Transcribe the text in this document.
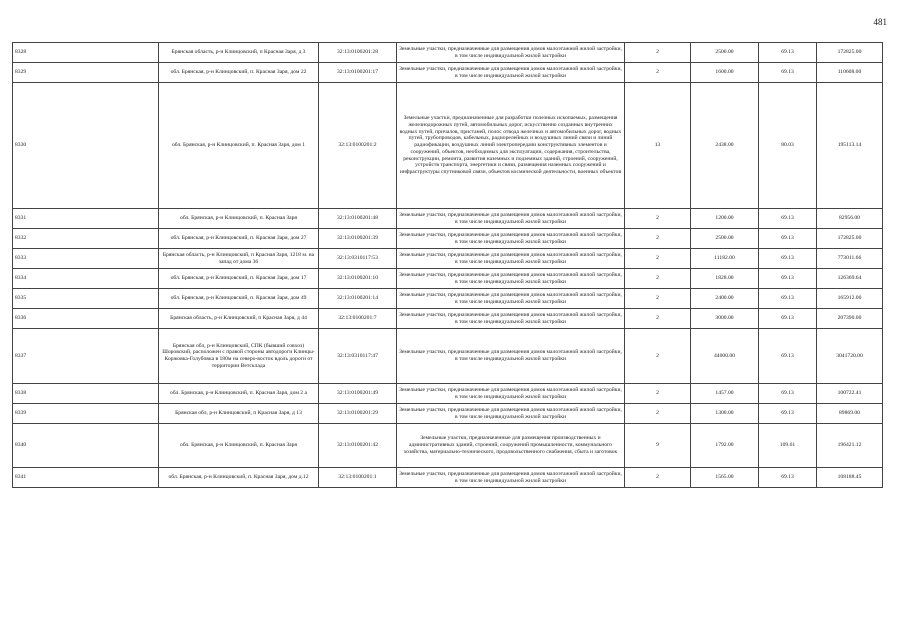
481
8328	Брянская область, р-н Клинцовский, п Красная Заря, д 3	32:13:0100201:28	Земельные участки, предназначенные для размещения домов малоэтажной жилой застройки, в том числе индивидуальной жилой застройки	2	2500.00	69.13	172825.00
8329	обл. Брянская, р-н Клинцовский, п. Красная Заря, дом 22	32:13:0100201:17	Земельные участки, предназначенные для размещения домов малоэтажной жилой застройки, в том числе индивидуальной жилой застройки	2	1600.00	69.13	110608.00
8330	обл. Брянская, р-н Клинцовский, п. Красная Заря, дом 1	32:13:0100201:2	Земельные участки, предназначенные для разработки полезных ископаемых, размещения железнодорожных путей, автомобильных дорог, искусственно созданных внутренних водных путей, причалов, пристаней, полос отвода железных и автомобильных дорог, водных путей, трубопроводов, кабельных, радиорелейных и воздушных линий связи и линий радиофикации, воздушных линий электропередачи конструктивных элементов и сооружений, объектов, необходимых для эксплуатации, содержания, строительства, реконструкции, ремонта, развития наземных и подземных зданий, строений, сооружений, устройств транспорта, энергетики и связи, размещения наземных сооружений и инфраструктуры спутниковой связи, объектов космической деятельности, военных объектов	13	2438.00	80.03	195113.14
8331	обл. Брянская, р-н Клинцовский, п. Красная Заря	32:13:0100201:48	Земельные участки, предназначенные для размещения домов малоэтажной жилой застройки, в том числе индивидуальной жилой застройки	2	1200.00	69.13	82956.00
8332	обл. Брянская, р-н Клинцовский, п. Красная Заря, дом 27	32:13:0100201:39	Земельные участки, предназначенные для размещения домов малоэтажной жилой застройки, в том числе индивидуальной жилой застройки	2	2500.00	69.13	172825.00
8333	Брянская область, р-н Клинцовский, п Красная Заря, 1218 м. на запад от дома 36	32:13:0310117:53	Земельные участки, предназначенные для размещения домов малоэтажной жилой застройки, в том числе индивидуальной жилой застройки	2	11182.00	69.13	773011.66
8334	обл. Брянская, р-н Клинцовский, п. Красная Заря, дом 17	32:13:0100201:10	Земельные участки, предназначенные для размещения домов малоэтажной жилой застройки, в том числе индивидуальной жилой застройки	2	1828.00	69.13	126369.64
8335	обл. Брянская, р-н Клинцовский, п. Красная Заря, дом 49	32:13:0100201:14	Земельные участки, предназначенные для размещения домов малоэтажной жилой застройки, в том числе индивидуальной жилой застройки	2	2400.00	69.13	165912.00
8336	Брянская область, р-н Клинцовский, п Красная Заря, д 44	32:13:0100201:7	Земельные участки, предназначенные для размещения домов малоэтажной жилой застройки, в том числе индивидуальной жилой застройки	2	3000.00	69.13	207390.00
8337	Брянская обл, р-н Клинцовский, СПК (бывший совхоз) Шоровский, расположен с правой стороны автодороги Клинцы-Коржовка-Голубовка в 180м на северо-восток вдоль дороги от территории Ветсклада	32:13:0310117:47	Земельные участки, предназначенные для размещения домов малоэтажной жилой застройки, в том числе индивидуальной жилой застройки	2	44000.00	69.13	3041720.00
8338	обл. Брянская, р-н Клинцовский, п. Красная Заря, дом 2 а	32:13:0100201:49	Земельные участки, предназначенные для размещения домов малоэтажной жилой застройки, в том числе индивидуальной жилой застройки	2	1457.00	69.13	100722.41
8339	Брянская обл, р-н Клинцовский, п Красная Заря, д 13	32:13:0100201:29	Земельные участки, предназначенные для размещения домов малоэтажной жилой застройки, в том числе индивидуальной жилой застройки	2	1300.00	69.13	89869.00
8340	обл. Брянская, р-н Клинцовский, п. Красная Заря	32:13:0100201:42	Земельные участки, предназначенные для размещения производственных и административных зданий, строений, сооружений промышленности, коммунального хозяйства, материально-технического, продовольственного снабжения, сбыта и заготовок	9	1792.00	109.61	196421.12
8341	обл. Брянская, р-н Клинцовский, п. Красная Заря, дом д.12	32:13:0100201:1	Земельные участки, предназначенные для размещения домов малоэтажной жилой застройки, в том числе индивидуальной жилой застройки	2	1565.00	69.13	108188.45
